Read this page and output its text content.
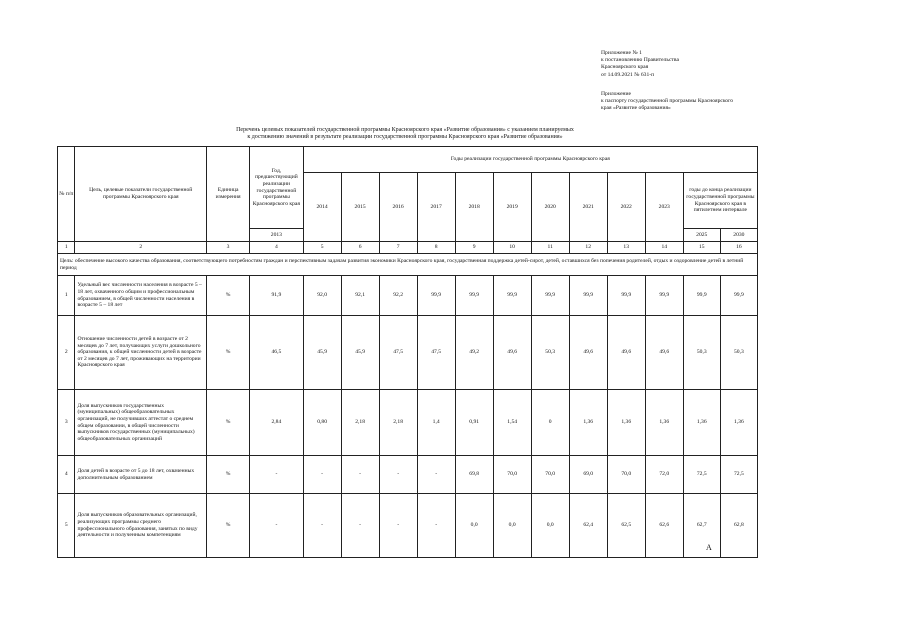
Приложение № 1
к постановлению Правительства
Красноярского края
от 14.09.2021 № 631-п
Приложение
к паспорту государственной программы Красноярского
края «Развитие образования»
Перечень целевых показателей государственной программы Красноярского края «Развитие образования» с указанием планируемых
к достижению значений в результате реализации государственной программы Красноярского края «Развитие образования»
№ п/п	Цель, целевые показатели государственной программы Красноярского края	Единица измерения	Год, предшествующий реализации государственной программы Красноярского края	Годы реализации государственной программы Красноярского края											
				2014	2015	2016	2017	2018	2019	2020	2021	2022	2023	годы до конца реализации государственной программы Красноярского края в пятилетнем интервале	
			2013											2025	2030
1	2	3	4	5	6	7	8	9	10	11	12	13	14	15	16
Цель: обеспечение высокого качества образования, соответствующего потребностям граждан и перспективным задачам развития экономики Красноярского края, государственная поддержка детей-сирот, детей, оставшихся без попечения родителей, отдых и оздоровление детей в летний период															
1	Удельный вес численности населения в возрасте 5 – 18 лет, охваченного общим и профессиональным образованием, в общей численности населения в возрасте 5 – 18 лет	%	91,9	92,0	92,1	92,2	99,9	99,9	99,9	99,9	99,9	99,9	99,9	99,9	99,9
2	Отношение численности детей в возрасте от 2 месяцев до 7 лет, получающих услуги дошкольного образования, к общей численности детей в возрасте от 2 месяцев до 7 лет, проживающих на территории Красноярского края	%	46,5	45,9	45,9	47,5	47,5	49,2	49,6	50,3	49,6	49,6	49,6	50,3	50,3
3	Доля выпускников государственных (муниципальных) общеобразовательных организаций, не получивших аттестат о среднем общем образовании, в общей численности выпускников государственных (муниципальных) общеобразовательных организаций	%	2,84	0,80	2,18	2,18	1,4	0,91	1,54	0	1,36	1,36	1,36	1,36	1,36
4	Доля детей в возрасте от 5 до 18 лет, охваченных дополнительным образованием	%	-	-	-	-	-	69,8	70,0	70,0	69,0	70,0	72,0	72,5	72,5
5	Доля выпускников образовательных организаций, реализующих программы среднего профессионального образования, занятых по виду деятельности и полученным компетенциям	%	-	-	-	-	-	0,0	0,0	0,0	62,4	62,5	62,6	62,7	62,8
А
